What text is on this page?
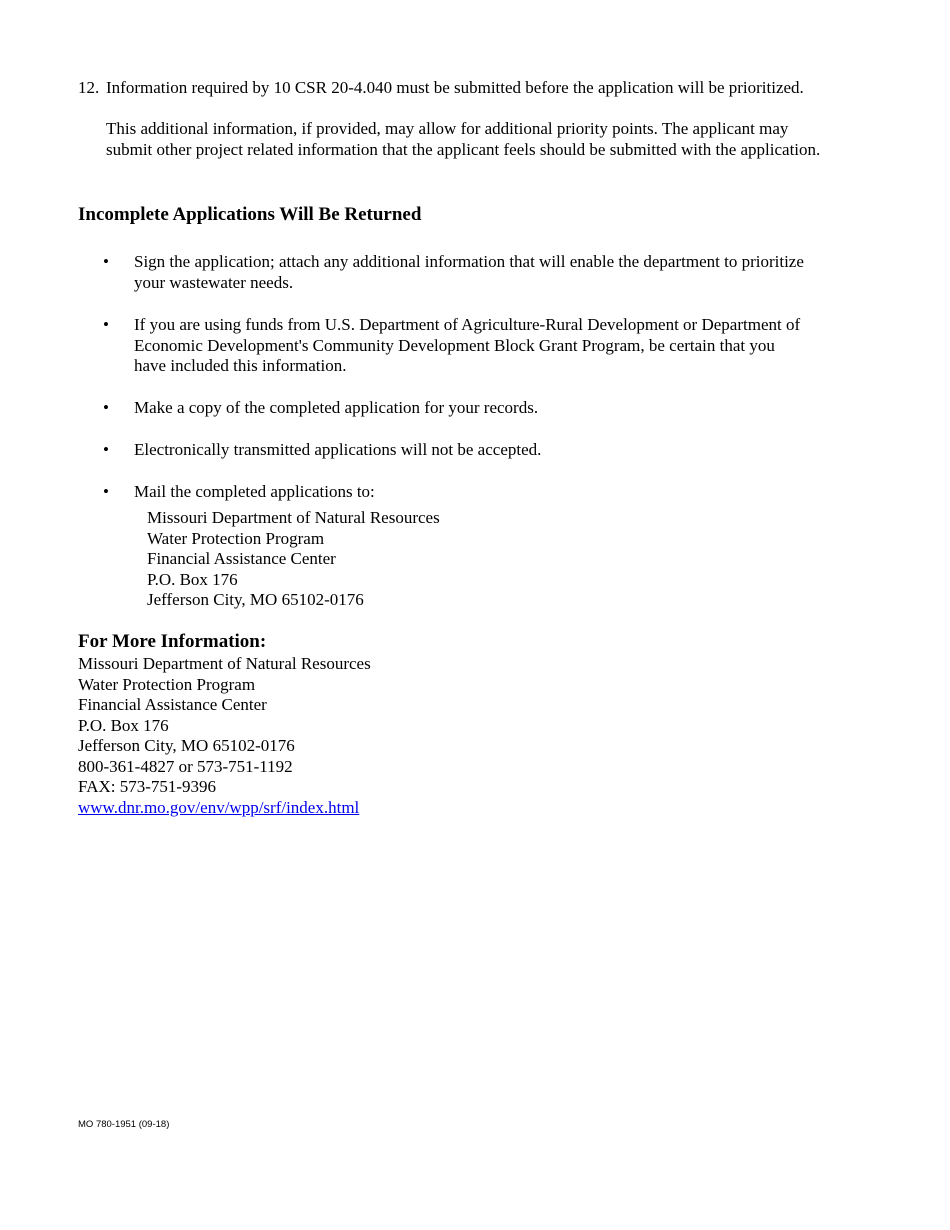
12. Information required by 10 CSR 20-4.040 must be submitted before the application will be prioritized.
This additional information, if provided, may allow for additional priority points. The applicant may
submit other project related information that the applicant feels should be submitted with the application.
Incomplete Applications Will Be Returned
• Sign the application; attach any additional information that will enable the department to prioritize
your wastewater needs.
• If you are using funds from U.S. Department of Agriculture-Rural Development or Department of
Economic Development's Community Development Block Grant Program, be certain that you
have included this information.
• Make a copy of the completed application for your records.
• Electronically transmitted applications will not be accepted.
• Mail the completed applications to:
Missouri Department of Natural Resources
Water Protection Program
Financial Assistance Center
P.O. Box 176
Jefferson City, MO 65102-0176
For More Information:
Missouri Department of Natural Resources
Water Protection Program
Financial Assistance Center
P.O. Box 176
Jefferson City, MO 65102-0176
800-361-4827 or 573-751-1192
FAX: 573-751-9396
www.dnr.mo.gov/env/wpp/srf/index.html
MO 780-1951 (09-18)
